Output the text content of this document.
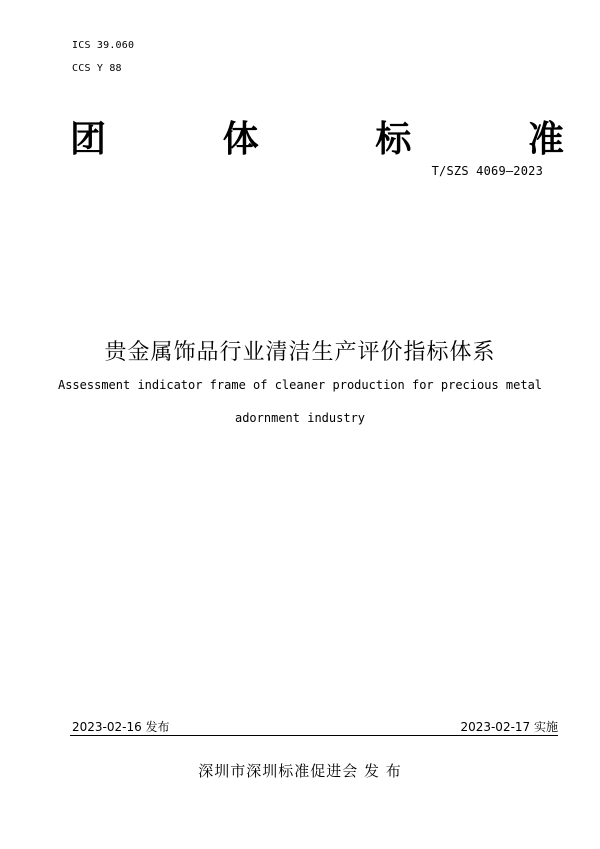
ICS 39.060
CCS Y 88
团	体	标	准
T/SZS 4069—2023
贵金属饰品行业清洁生产评价指标体系
Assessment indicator frame of cleaner production for precious metal
adornment industry
2023-02-16 发布	2023-02-17 实施
深圳市深圳标准促进会 发 布
